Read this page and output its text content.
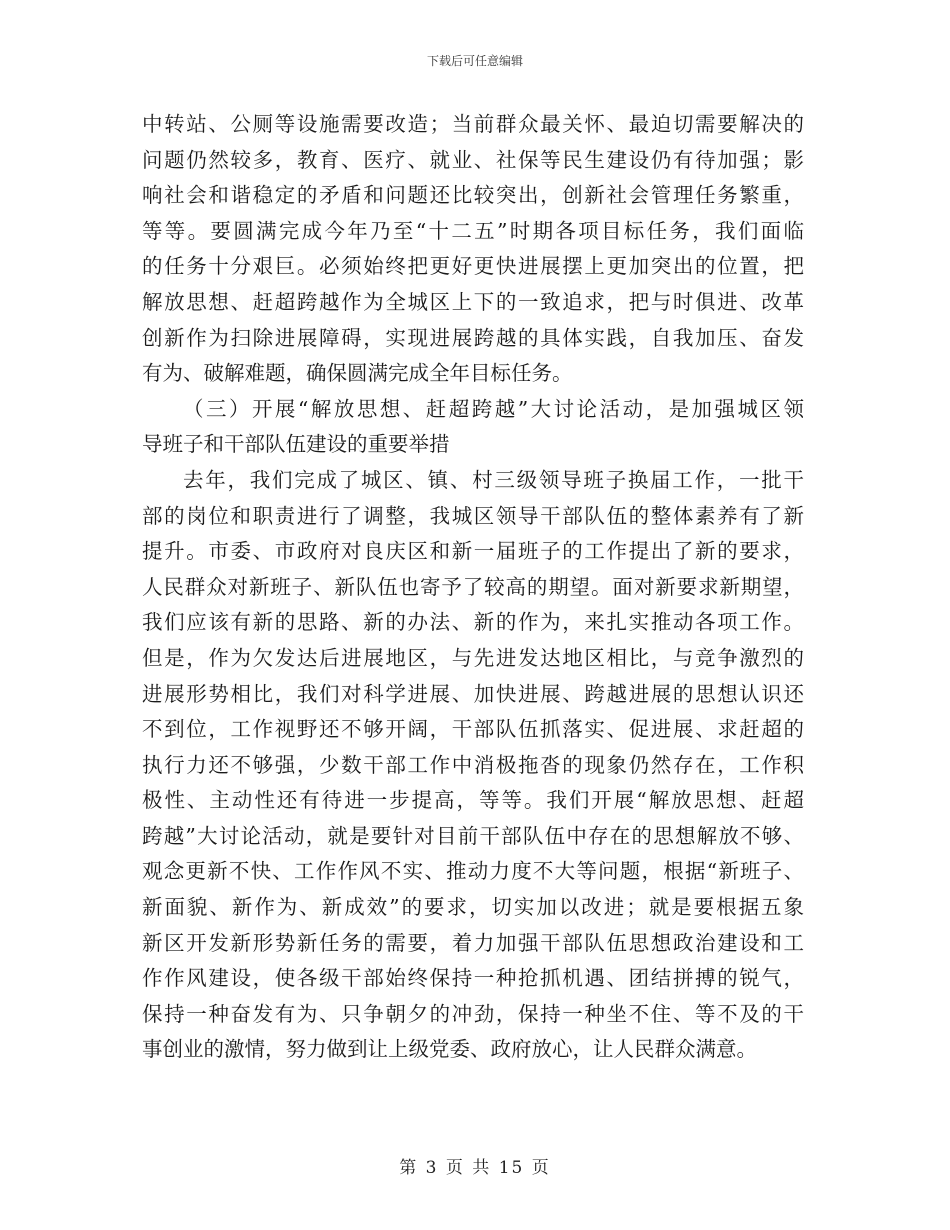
下载后可任意编辑
中转站、公厕等设施需要改造；当前群众最关怀、最迫切需要解决的
问题仍然较多，教育、医疗、就业、社保等民生建设仍有待加强；影
响社会和谐稳定的矛盾和问题还比较突出，创新社会管理任务繁重，
等等。要圆满完成今年乃至“十二五”时期各项目标任务，我们面临
的任务十分艰巨。必须始终把更好更快进展摆上更加突出的位置，把
解放思想、赶超跨越作为全城区上下的一致追求，把与时俱进、改革
创新作为扫除进展障碍，实现进展跨越的具体实践，自我加压、奋发
有为、破解难题，确保圆满完成全年目标任务。
（三）开展“解放思想、赶超跨越”大讨论活动，是加强城区领
导班子和干部队伍建设的重要举措
去年，我们完成了城区、镇、村三级领导班子换届工作，一批干
部的岗位和职责进行了调整，我城区领导干部队伍的整体素养有了新
提升。市委、市政府对良庆区和新一届班子的工作提出了新的要求，
人民群众对新班子、新队伍也寄予了较高的期望。面对新要求新期望，
我们应该有新的思路、新的办法、新的作为，来扎实推动各项工作。
但是，作为欠发达后进展地区，与先进发达地区相比，与竞争激烈的
进展形势相比，我们对科学进展、加快进展、跨越进展的思想认识还
不到位，工作视野还不够开阔，干部队伍抓落实、促进展、求赶超的
执行力还不够强，少数干部工作中消极拖沓的现象仍然存在，工作积
极性、主动性还有待进一步提高，等等。我们开展“解放思想、赶超
跨越”大讨论活动，就是要针对目前干部队伍中存在的思想解放不够、
观念更新不快、工作作风不实、推动力度不大等问题，根据“新班子、
新面貌、新作为、新成效”的要求，切实加以改进；就是要根据五象
新区开发新形势新任务的需要，着力加强干部队伍思想政治建设和工
作作风建设，使各级干部始终保持一种抢抓机遇、团结拼搏的锐气，
保持一种奋发有为、只争朝夕的冲劲，保持一种坐不住、等不及的干
事创业的激情，努力做到让上级党委、政府放心，让人民群众满意。
第 3 页 共 15 页
